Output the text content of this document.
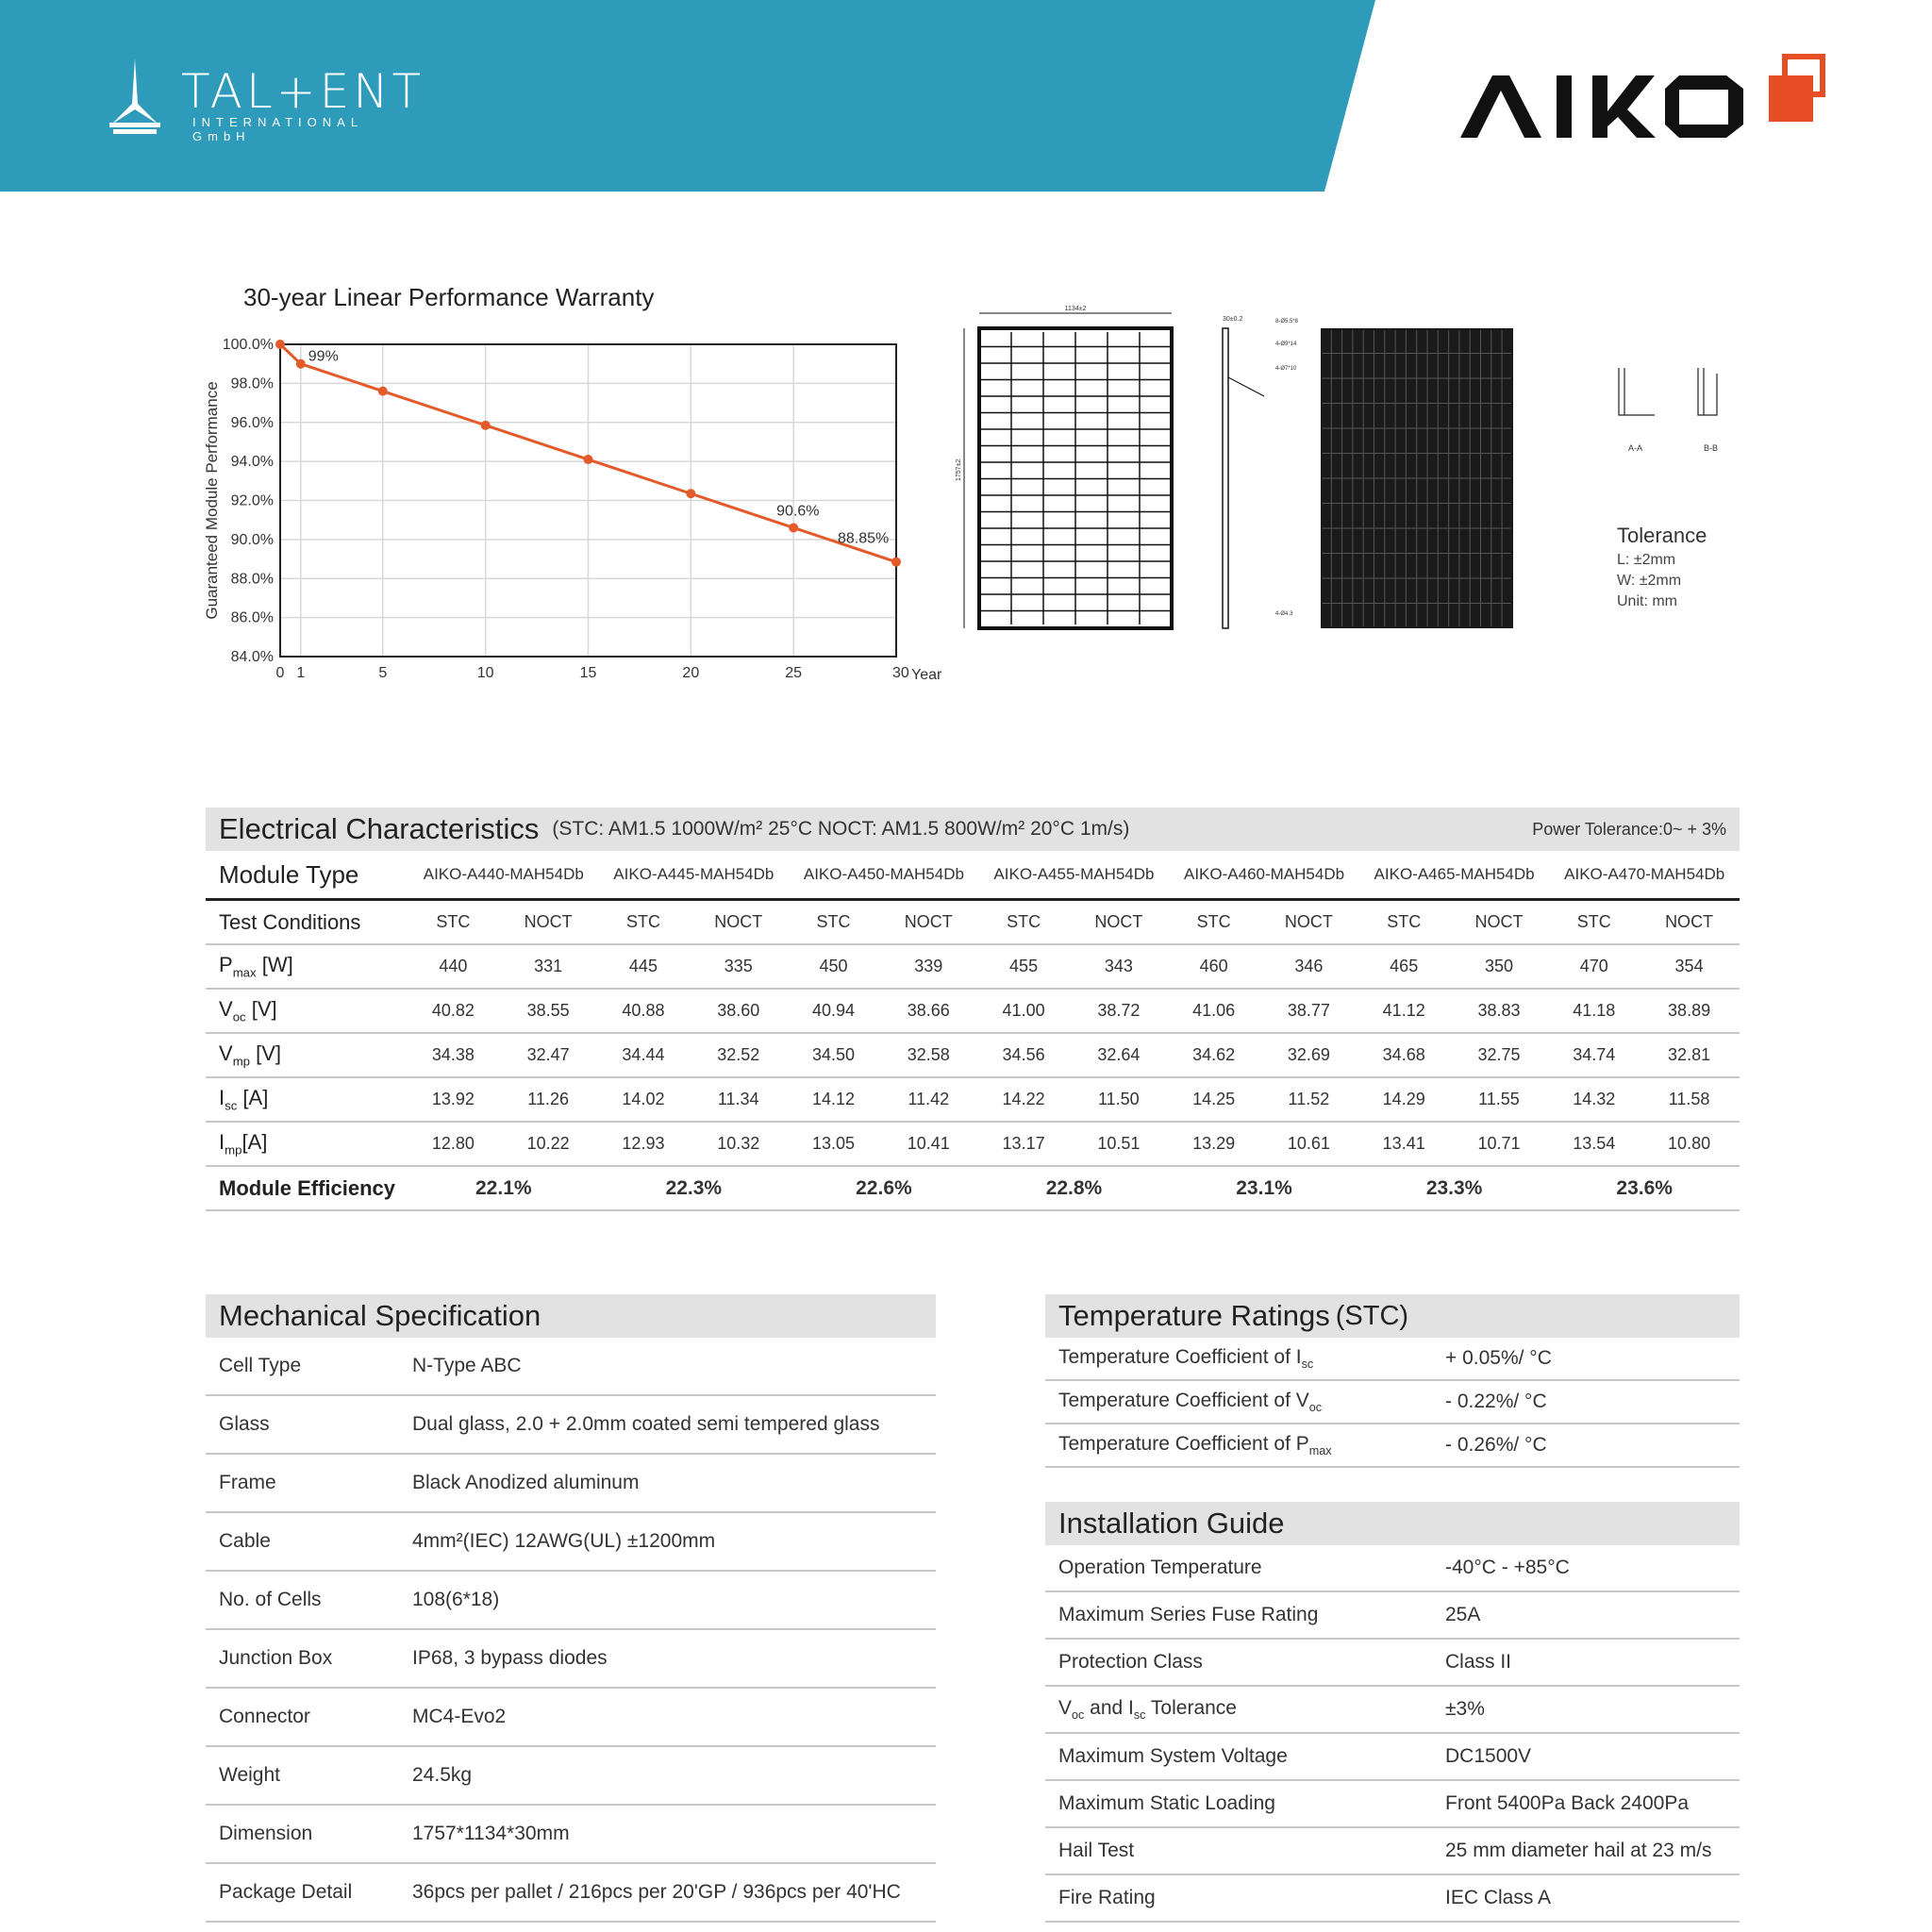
TAL+ENT
INTERNATIONAL GmbH
30-year Linear Performance Warranty
0 1	5	10	15	20	25	30 Year
84.0%
86.0%
88.0%
90.0%
92.0%
94.0%
96.0%
98.0%
100.0%
Guaranteed Module Performance
99%
90.6%
88.85%
1134±2
1757±2
30±0.2	8-Ø5.5*8
4-Ø9*14
4-Ø7*10
4-Ø4.3
A-A	B-B
Tolerance
L: ±2mm
W: ±2mm
Unit: mm
Electrical Characteristics (STC: AM1.5 1000W/m² 25°C NOCT: AM1.5 800W/m² 20°C 1m/s)	Power Tolerance:0~ + 3%
Module Type	AIKO-A440-MAH54Db		AIKO-A445-MAH54Db		AIKO-A450-MAH54Db		AIKO-A455-MAH54Db		AIKO-A460-MAH54Db		AIKO-A465-MAH54Db		AIKO-A470-MAH54Db	
Test Conditions	STC	NOCT	STC	NOCT	STC	NOCT	STC	NOCT	STC	NOCT	STC	NOCT	STC	NOCT
$P_{max}$ [W]	440	331	445	335	450	339	455	343	460	346	465	350	470	354
$V_{oc}$ [V]	40.82	38.55	40.88	38.60	40.94	38.66	41.00	38.72	41.06	38.77	41.12	38.83	41.18	38.89
$V_{mp}$ [V]	34.38	32.47	34.44	32.52	34.50	32.58	34.56	32.64	34.62	32.69	34.68	32.75	34.74	32.81
$I_{sc}$ [A]	13.92	11.26	14.02	11.34	14.12	11.42	14.22	11.50	14.25	11.52	14.29	11.55	14.32	11.58
$I_{mp}[A]$	12.80	10.22	12.93	10.32	13.05	10.41	13.17	10.51	13.29	10.61	13.41	10.71	13.54	10.80
Module Efficiency	22.1%		22.3%		22.6%		22.8%		23.1%		23.3%		23.6%	
Mechanical Specification
Cell Type	N-Type ABC
Glass	Dual glass, 2.0 + 2.0mm coated semi tempered glass
Frame	Black Anodized aluminum
Cable	4mm²(IEC) 12AWG(UL) ±1200mm
No. of Cells	108(6*18)
Junction Box	IP68, 3 bypass diodes
Connector	MC4-Evo2
Weight	24.5kg
Dimension	1757*1134*30mm
Package Detail	36pcs per pallet / 216pcs per 20'GP / 936pcs per 40'HC
Temperature Ratings (STC)
Temperature Coefficient of $I_{sc}$	+ 0.05%/ °C
Temperature Coefficient of $V_{oc}$	- 0.22%/ °C
Temperature Coefficient of $P_{max}$	- 0.26%/ °C
Installation Guide
Operation Temperature	-40°C - +85°C
Maximum Series Fuse Rating	25A
Protection Class	Class II
$V_{oc}$ and $I_{sc}$ Tolerance	±3%
Maximum System Voltage	DC1500V
Maximum Static Loading	Front 5400Pa Back 2400Pa
Hail Test	25 mm diameter hail at 23 m/s
Fire Rating	IEC Class A
